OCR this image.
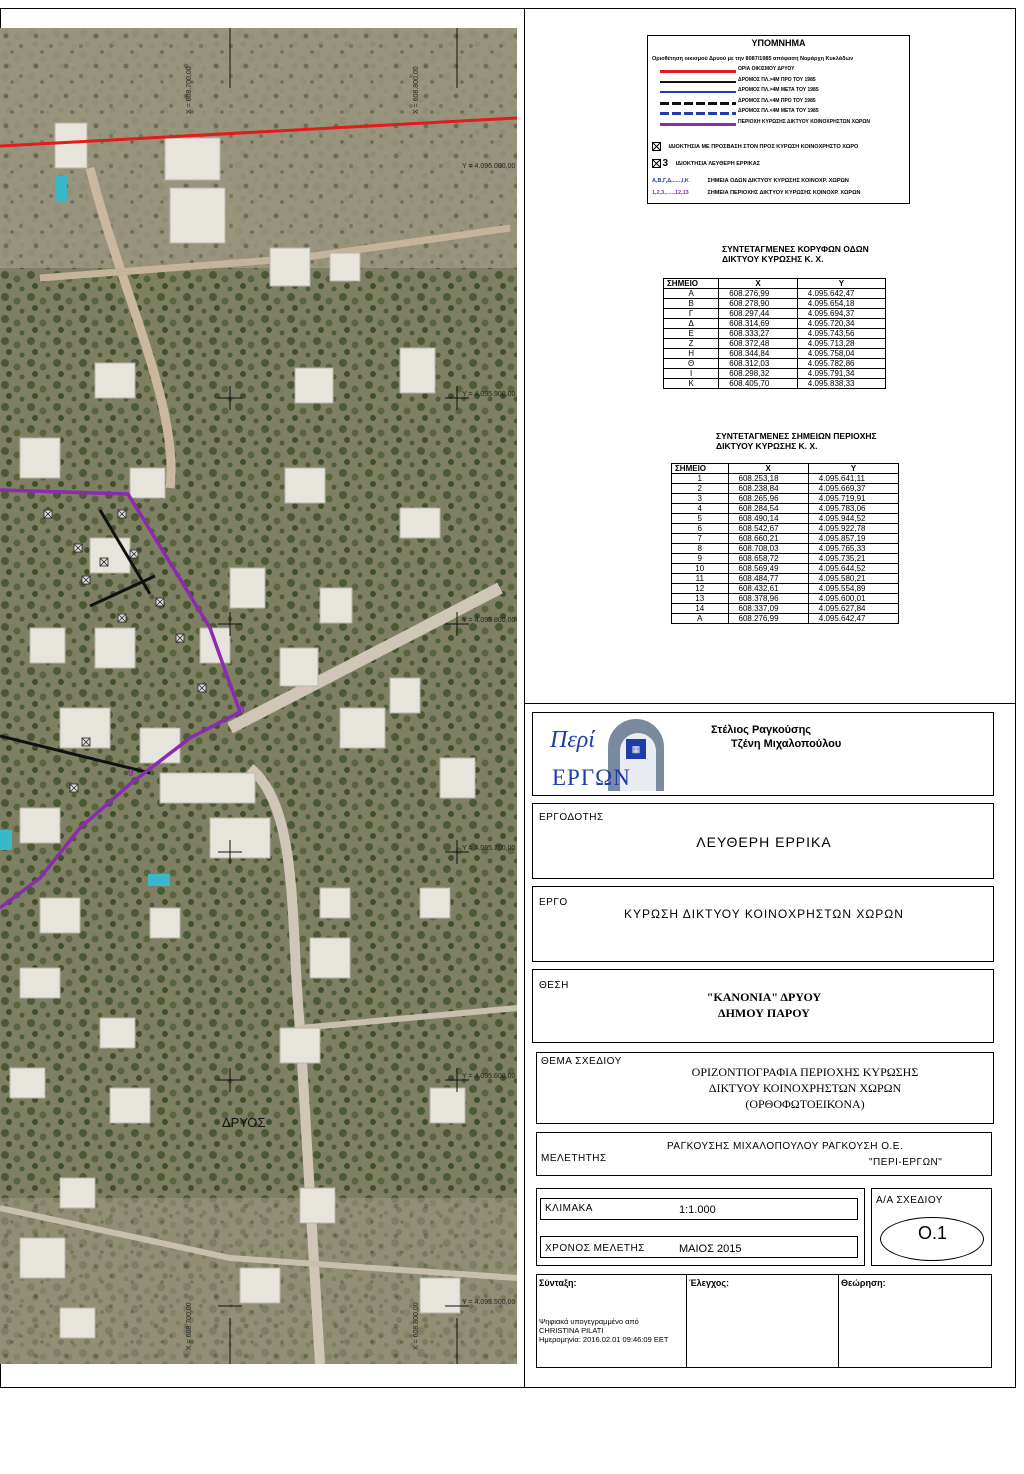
Y = 4.096.000,00
Y = 4.095.900,00
Y = 4.095.800,00
Y = 4.095.700,00
Y = 4.095.600,00
Y = 4.095.500,00
X = 608.700,00	X = 608.800,00
X = 608.700,00	X = 608.800,00
ΔΡΥΟΣ
9
8
ΥΠΟΜΝΗΜΑ
Οριοθέτηση οικισμού Δρυού με την 8087/1985 απόφαση Νομάρχη Κυκλάδων
ΟΡΙΑ ΟΙΚΙΣΜΟΥ ΔΡΥΟΥ
ΔΡΟΜΟΣ ΠΛ.>4Μ ΠΡΟ ΤΟΥ 1985
ΔΡΟΜΟΣ ΠΛ.>4Μ ΜΕΤΑ ΤΟΥ 1985
ΔΡΟΜΟΣ ΠΛ.<4Μ ΠΡΟ ΤΟΥ 1985
ΔΡΟΜΟΣ ΠΛ.<4Μ ΜΕΤΑ ΤΟΥ 1985
ΠΕΡΙΟΧΗ ΚΥΡΩΣΗΣ ΔΙΚΤΥΟΥ ΚΟΙΝΟΧΡΗΣΤΩΝ ΧΩΡΩΝ
ΙΔΙΟΚΤΗΣΙΑ ΜΕ ΠΡΟΣΒΑΣΗ ΣΤΟΝ ΠΡΟΣ ΚΥΡΩΣΗ ΚΟΙΝΟΧΡΗΣΤΟ ΧΩΡΟ
3 ΙΔΙΟΚΤΗΣΙΑ ΛΕΥΘΕΡΗ ΕΡΡΙΚΑΣ
Α,Β,Γ,Δ,.....,Ι,Κ	ΣΗΜΕΙΑ ΟΔΩΝ ΔΙΚΤΥΟΥ ΚΥΡΩΣΗΣ ΚΟΙΝΟΧΡ. ΧΩΡΩΝ
1,2,3,.....,12,13	ΣΗΜΕΙΑ ΠΕΡΙΟΧΗΣ ΔΙΚΤΥΟΥ ΚΥΡΩΣΗΣ ΚΟΙΝΟΧΡ. ΧΩΡΩΝ
ΣΥΝΤΕΤΑΓΜΕΝΕΣ ΚΟΡΥΦΩΝ ΟΔΩΝ
ΔΙΚΤΥΟΥ ΚΥΡΩΣΗΣ Κ. Χ.
ΣΗΜΕΙΟ	X	Y
Α	608.276,99	4.095.642,47
Β	608.278,90	4.095.654,18
Γ	608.297,44	4.095.694,37
Δ	608.314,69	4.095.720,34
Ε	608.333,27	4.095.743,56
Ζ	608.372,48	4.095.713,28
Η	608.344,84	4.095.758,04
Θ	608.312,03	4.095.782,86
Ι	608.298,32	4.095.791,34
Κ	608.405,70	4.095.838,33
ΣΥΝΤΕΤΑΓΜΕΝΕΣ ΣΗΜΕΙΩΝ ΠΕΡΙΟΧΗΣ
ΔΙΚΤΥΟΥ ΚΥΡΩΣΗΣ Κ. Χ.
ΣΗΜΕΙΟ	X	Y
1	608.253,18	4.095.641,11
2	608.238,84	4.095.669,37
3	608.265,96	4.095.719,91
4	608.284,54	4.095.783,06
5	608.490,14	4.095.944,52
6	608.542,67	4.095.922,78
7	608.660,21	4.095.857,19
8	608.708,03	4.095.765,33
9	608.658,72	4.095.735,21
10	608.569,49	4.095.644,52
11	608.484,77	4.095.580,21
12	608.432,61	4.095.554,89
13	608.378,96	4.095.600,01
14	608.337,09	4.095.627,84
Α	608.276,99	4.095.642,47
▦
Περί
ΕΡΓΩΝ
Στέλιος Ραγκούσης
Τζένη Μιχαλοπούλου
ΕΡΓΟΔΟΤΗΣ
ΛΕΥΘΕΡΗ ΕΡΡΙΚΑ
ΕΡΓΟ
ΚΥΡΩΣΗ ΔΙΚΤΥΟΥ ΚΟΙΝΟΧΡΗΣΤΩΝ ΧΩΡΩΝ
ΘΕΣΗ
"ΚΑΝΟΝΙΑ" ΔΡΥΟΥ
ΔΗΜΟΥ ΠΑΡΟΥ
ΘΕΜΑ ΣΧΕΔΙΟΥ
ΟΡΙΖΟΝΤΙΟΓΡΑΦΙΑ ΠΕΡΙΟΧΗΣ ΚΥΡΩΣΗΣ
ΔΙΚΤΥΟΥ ΚΟΙΝΟΧΡΗΣΤΩΝ ΧΩΡΩΝ
(ΟΡΘΟΦΩΤΟΕΙΚΟΝΑ)
ΜΕΛΕΤΗΤΗΣ
ΡΑΓΚΟΥΣΗΣ ΜΙΧΑΛΟΠΟΥΛΟΥ ΡΑΓΚΟΥΣΗ Ο.Ε.
"ΠΕΡΙ-ΕΡΓΩΝ"
ΚΛΙΜΑΚΑ	1:1.000
ΧΡΟΝΟΣ ΜΕΛΕΤΗΣ	ΜΑΙΟΣ 2015
Α/Α ΣΧΕΔΙΟΥ
Ο.1
Σύνταξη:	Έλεγχος:	Θεώρηση:
Ψηφιακά υπογεγραμμένο από
CHRISTINA PILATI
Ημερομηνία: 2016.02.01 09:46:09 EET
